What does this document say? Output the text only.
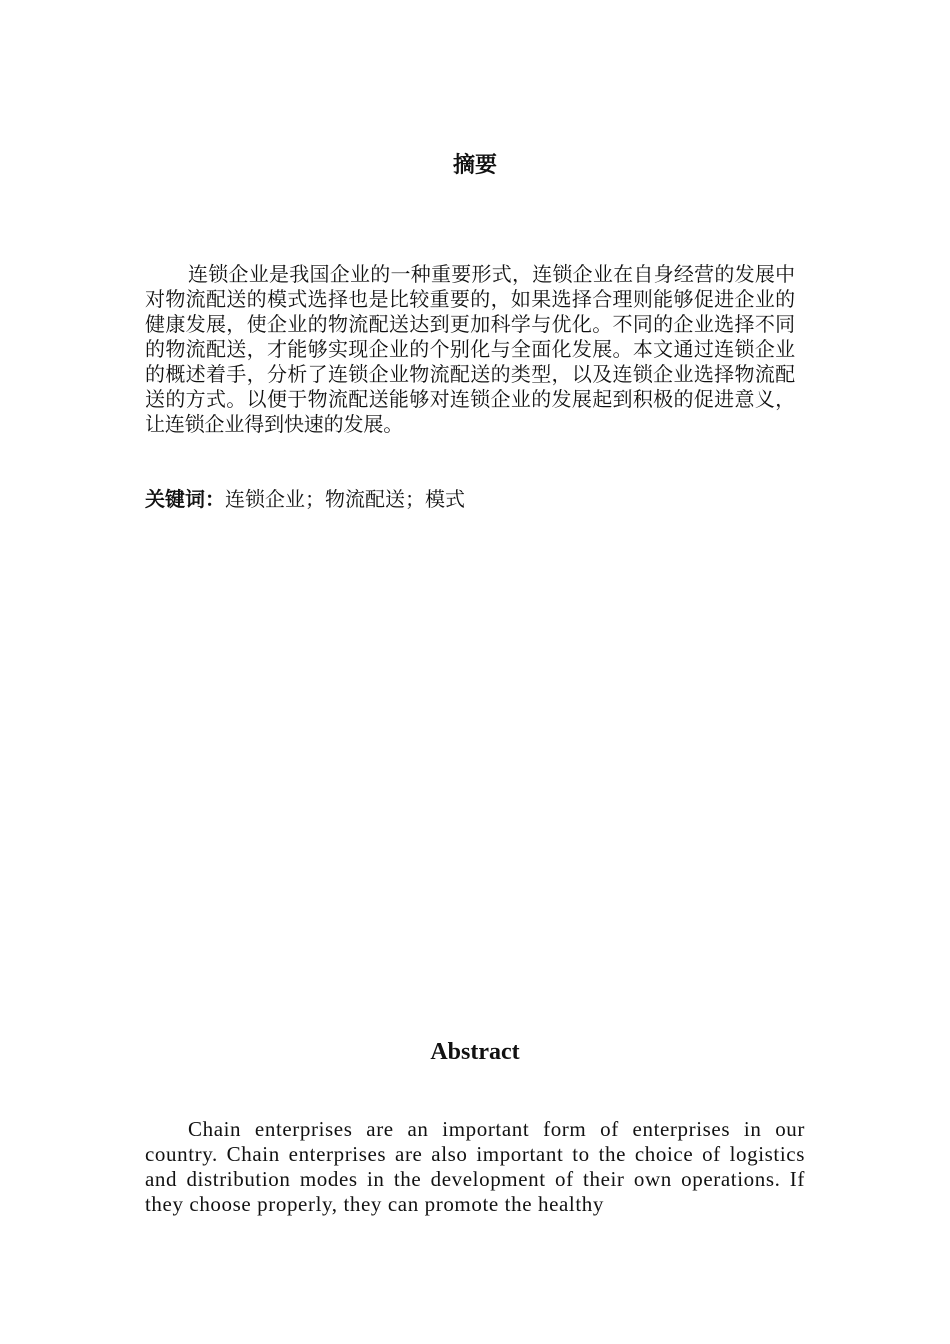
摘要

连锁企业是我国企业的一种重要形式，连锁企业在自身经营的发展中对物流配送的模式选择也是比较重要的，如果选择合理则能够促进企业的健康发展，使企业的物流配送达到更加科学与优化。不同的企业选择不同的物流配送，才能够实现企业的个别化与全面化发展。本文通过连锁企业的概述着手，分析了连锁企业物流配送的类型，以及连锁企业选择物流配送的方式。以便于物流配送能够对连锁企业的发展起到积极的促进意义，让连锁企业得到快速的发展。

关键词：连锁企业；物流配送；模式

Abstract

Chain enterprises are an important form of enterprises in our country. Chain enterprises are also important to the choice of logistics and distribution modes in the development of their own operations. If they choose properly, they can promote the healthy
